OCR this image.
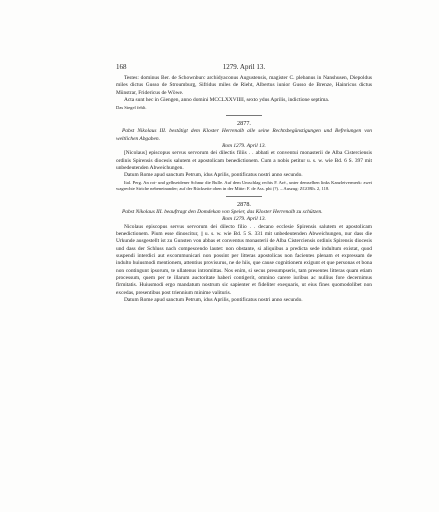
168	1279. April 13.

Testes: dominus Ber. de Schownburc archidyaconus Augustensis, magister C. plebanus in Nanshusen, Diepoldus miles dictus Gusso de Stroumburg, Sifridus miles de Riеht, Albertus iunior Gusso de Brenze, Hainricus dictus Münstrar, Fridericus de Wöwe.

Acta sunt hec in Giengen, anno domini MCCLXXVIIII, sexto ydus Aprilis, indictione septima.

Das Siegel fehlt.

2877.

Pabst Nikolaus III. bestätigt dem Kloster Herrenalb alle seine Rechtsbegünstigungen und Befreiungen von weltlichen Abgaben.

Rom 1279. April 13.

[Nicolaus] episcopus servus servorum dei dilectis filiis . . abbati et conventui monasterii de Alba Cisterciensis ordinis Spirensis diocesis salutem et apostolicam benedictionem. Cum a nobis petitur u. s. w. wie Bd. 6 S. 397 mit unbedeutenden Abweichungen.

Datum Rome apud sanctum Petrum, idus Aprilis, pontificatus nostri anno secundo.

Ital. Perg. An rot- und gelbseidener Schnur die Bulle. Auf dem Umschlag rechts F. Aré., unter demselben links Kanzleivermerk: zwei wagrechte Striche nebeneinander; auf der Rückseite oben in der Mitte: F. de Ass. phi (?). – Auszug: ZGORh. 2, 118.

2878.

Pabst Nikolaus III. beauftragt den Domdekan von Speier, das Kloster Herrenalb zu schützen.

Rom 1279. April 13.

Nicolaus episcopus servus servorum dei dilecto filio . . decano ecclesie Spirensis salutem et apostolicam benedictionem. Pium esse dinoscitur, || u. s. w. wie Bd. 5 S. 331 mit unbedeutenden Abweichungen, nur dass die Urkunde ausgestellt ist zu Gunsten von abbas et conventus monasterii de Alba Cisterciensis ordinis Spirensis diocesis und dass der Schluss nach compescendo lautet: non obstante, si aliquibus a predicta sede indultum existat, quod suspendi interdici aut excommunicari non possint per litteras apostolicas non facientes plenam et expressam de indulto huiusmodi mentionem, attentius provisurus, ne de hiis, que cause cognitionem exigunt et que personas et bona non contingunt ipsorum, te ullatenus intromittas. Nos enim, si secus presumpseris, tam presentes litteras quam etiam processum, quem per te illarum auctoritate haberi contigerit, omnino carere iuribus ac nullius fore decernimus firmitatis. Huiusmodi ergo mandatum nostrum sic sapienter et fideliter exequaris, ut eius fines quomodolibet non excedas, presentibus post triennium minime valituris.

Datum Rome apud sanctum Petrum, idus Aprilis, pontificatus nostri anno secundo.
